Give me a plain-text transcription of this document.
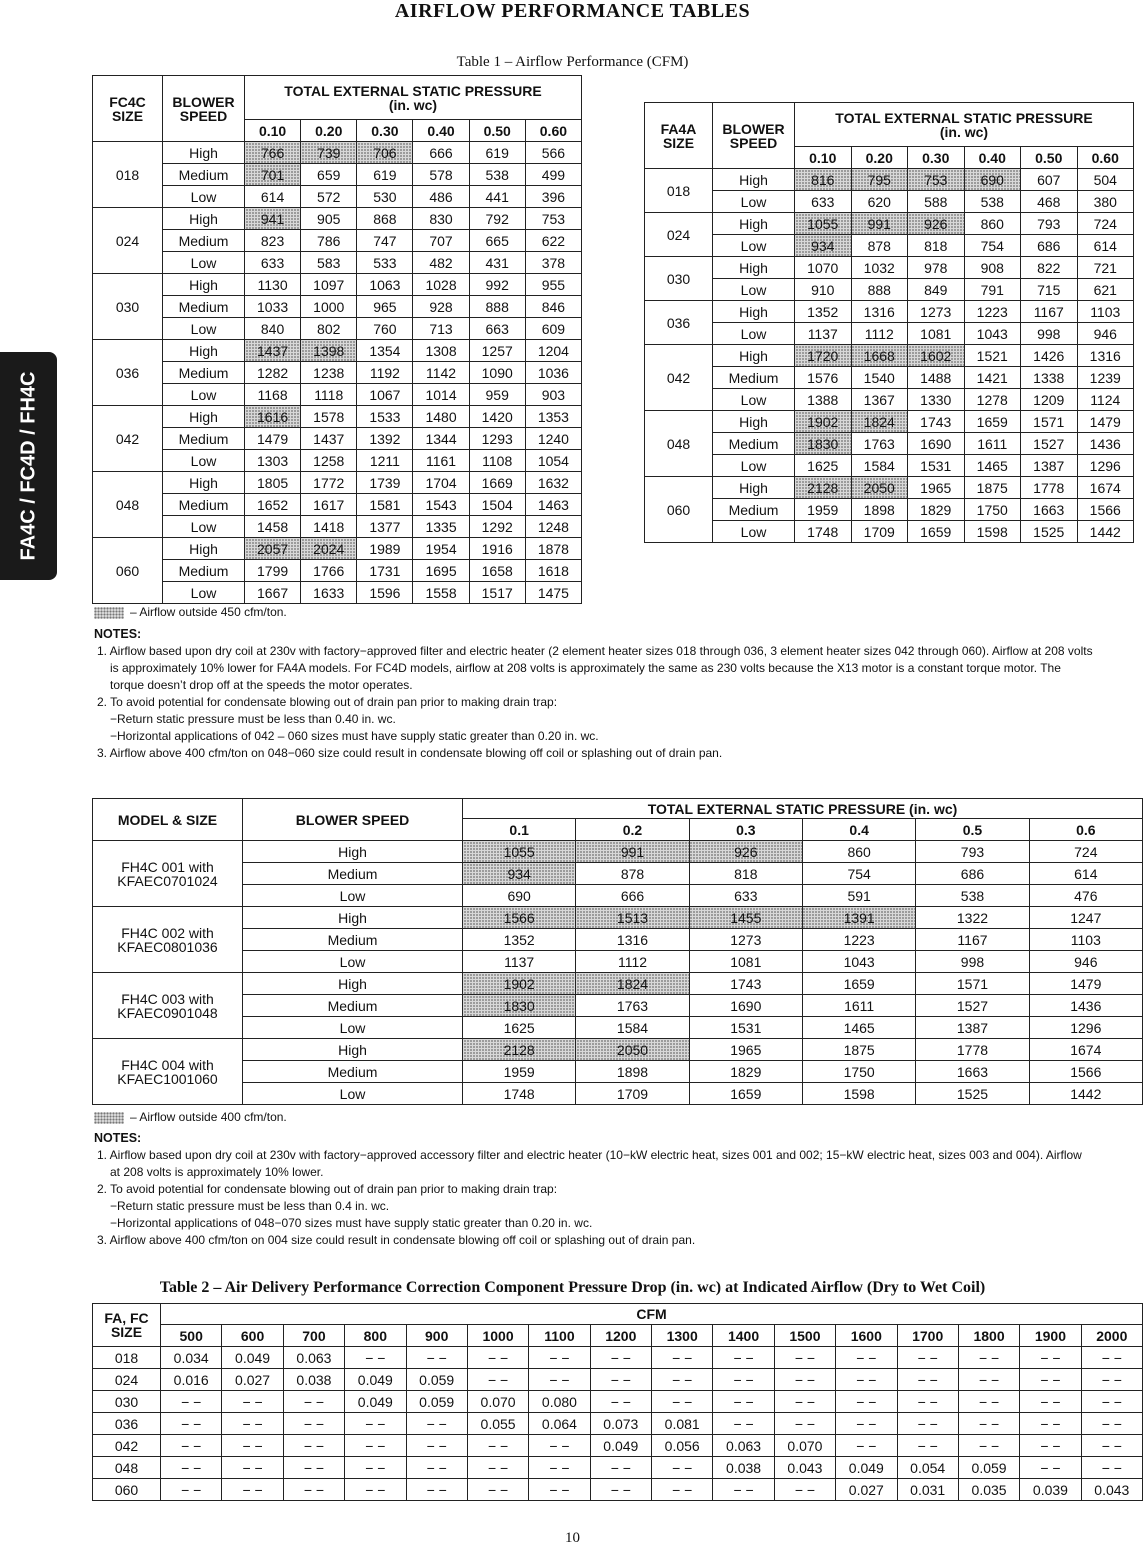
AIRFLOW PERFORMANCE TABLES
FA4C / FC4D / FH4C
Table 1 – Airflow Performance (CFM)
FC4C
SIZE	BLOWER
SPEED	TOTAL EXTERNAL STATIC PRESSURE
(in. wc)					
		0.10	0.20	0.30	0.40	0.50	0.60
018	High	766	739	706	666	619	566
	Medium	701	659	619	578	538	499
	Low	614	572	530	486	441	396
024	High	941	905	868	830	792	753
	Medium	823	786	747	707	665	622
	Low	633	583	533	482	431	378
030	High	1130	1097	1063	1028	992	955
	Medium	1033	1000	965	928	888	846
	Low	840	802	760	713	663	609
036	High	1437	1398	1354	1308	1257	1204
	Medium	1282	1238	1192	1142	1090	1036
	Low	1168	1118	1067	1014	959	903
042	High	1616	1578	1533	1480	1420	1353
	Medium	1479	1437	1392	1344	1293	1240
	Low	1303	1258	1211	1161	1108	1054
048	High	1805	1772	1739	1704	1669	1632
	Medium	1652	1617	1581	1543	1504	1463
	Low	1458	1418	1377	1335	1292	1248
060	High	2057	2024	1989	1954	1916	1878
	Medium	1799	1766	1731	1695	1658	1618
	Low	1667	1633	1596	1558	1517	1475
FA4A
SIZE	BLOWER
SPEED	TOTAL EXTERNAL STATIC PRESSURE
(in. wc)					
		0.10	0.20	0.30	0.40	0.50	0.60
018	High	816	795	753	690	607	504
	Low	633	620	588	538	468	380
024	High	1055	991	926	860	793	724
	Low	934	878	818	754	686	614
030	High	1070	1032	978	908	822	721
	Low	910	888	849	791	715	621
036	High	1352	1316	1273	1223	1167	1103
	Low	1137	1112	1081	1043	998	946
042	High	1720	1668	1602	1521	1426	1316
	Medium	1576	1540	1488	1421	1338	1239
	Low	1388	1367	1330	1278	1209	1124
048	High	1902	1824	1743	1659	1571	1479
	Medium	1830	1763	1690	1611	1527	1436
	Low	1625	1584	1531	1465	1387	1296
060	High	2128	2050	1965	1875	1778	1674
	Medium	1959	1898	1829	1750	1663	1566
	Low	1748	1709	1659	1598	1525	1442
– Airflow outside 450 cfm/ton.
NOTES:
1. Airflow based upon dry coil at 230v with factory−approved filter and electric heater (2 element heater sizes 018 through 036, 3 element heater sizes 042 through 060). Airflow at 208 volts is approximately 10% lower for FA4A models. For FC4D models, airflow at 208 volts is approximately the same as 230 volts because the X13 motor is a constant torque motor. The torque doesn’t drop off at the speeds the motor operates.
2. To avoid potential for condensate blowing out of drain pan prior to making drain trap:
−Return static pressure must be less than 0.40 in. wc.
−Horizontal applications of 042 – 060 sizes must have supply static greater than 0.20 in. wc.
3. Airflow above 400 cfm/ton on 048−060 size could result in condensate blowing off coil or splashing out of drain pan.
MODEL & SIZE	BLOWER SPEED	TOTAL EXTERNAL STATIC PRESSURE (in. wc)					
		0.1	0.2	0.3	0.4	0.5	0.6
FH4C 001 with
KFAEC0701024	High	1055	991	926	860	793	724
	Medium	934	878	818	754	686	614
	Low	690	666	633	591	538	476
FH4C 002 with
KFAEC0801036	High	1566	1513	1455	1391	1322	1247
	Medium	1352	1316	1273	1223	1167	1103
	Low	1137	1112	1081	1043	998	946
FH4C 003 with
KFAEC0901048	High	1902	1824	1743	1659	1571	1479
	Medium	1830	1763	1690	1611	1527	1436
	Low	1625	1584	1531	1465	1387	1296
FH4C 004 with
KFAEC1001060	High	2128	2050	1965	1875	1778	1674
	Medium	1959	1898	1829	1750	1663	1566
	Low	1748	1709	1659	1598	1525	1442
– Airflow outside 400 cfm/ton.
NOTES:
1. Airflow based upon dry coil at 230v with factory−approved accessory filter and electric heater (10−kW electric heat, sizes 001 and 002; 15−kW electric heat, sizes 003 and 004). Airflow at 208 volts is approximately 10% lower.
2. To avoid potential for condensate blowing out of drain pan prior to making drain trap:
−Return static pressure must be less than 0.4 in. wc.
−Horizontal applications of 048−070 sizes must have supply static greater than 0.20 in. wc.
3. Airflow above 400 cfm/ton on 004 size could result in condensate blowing off coil or splashing out of drain pan.
Table 2 – Air Delivery Performance Correction Component Pressure Drop (in. wc) at Indicated Airflow (Dry to Wet Coil)
FA, FC
SIZE	CFM															
	500	600	700	800	900	1000	1100	1200	1300	1400	1500	1600	1700	1800	1900	2000
018	0.034	0.049	0.063	− −	− −	− −	− −	− −	− −	− −	− −	− −	− −	− −	− −	− −
024	0.016	0.027	0.038	0.049	0.059	− −	− −	− −	− −	− −	− −	− −	− −	− −	− −	− −
030	− −	− −	− −	0.049	0.059	0.070	0.080	− −	− −	− −	− −	− −	− −	− −	− −	− −
036	− −	− −	− −	− −	− −	0.055	0.064	0.073	0.081	− −	− −	− −	− −	− −	− −	− −
042	− −	− −	− −	− −	− −	− −	− −	0.049	0.056	0.063	0.070	− −	− −	− −	− −	− −
048	− −	− −	− −	− −	− −	− −	− −	− −	− −	0.038	0.043	0.049	0.054	0.059	− −	− −
060	− −	− −	− −	− −	− −	− −	− −	− −	− −	− −	− −	0.027	0.031	0.035	0.039	0.043
10
